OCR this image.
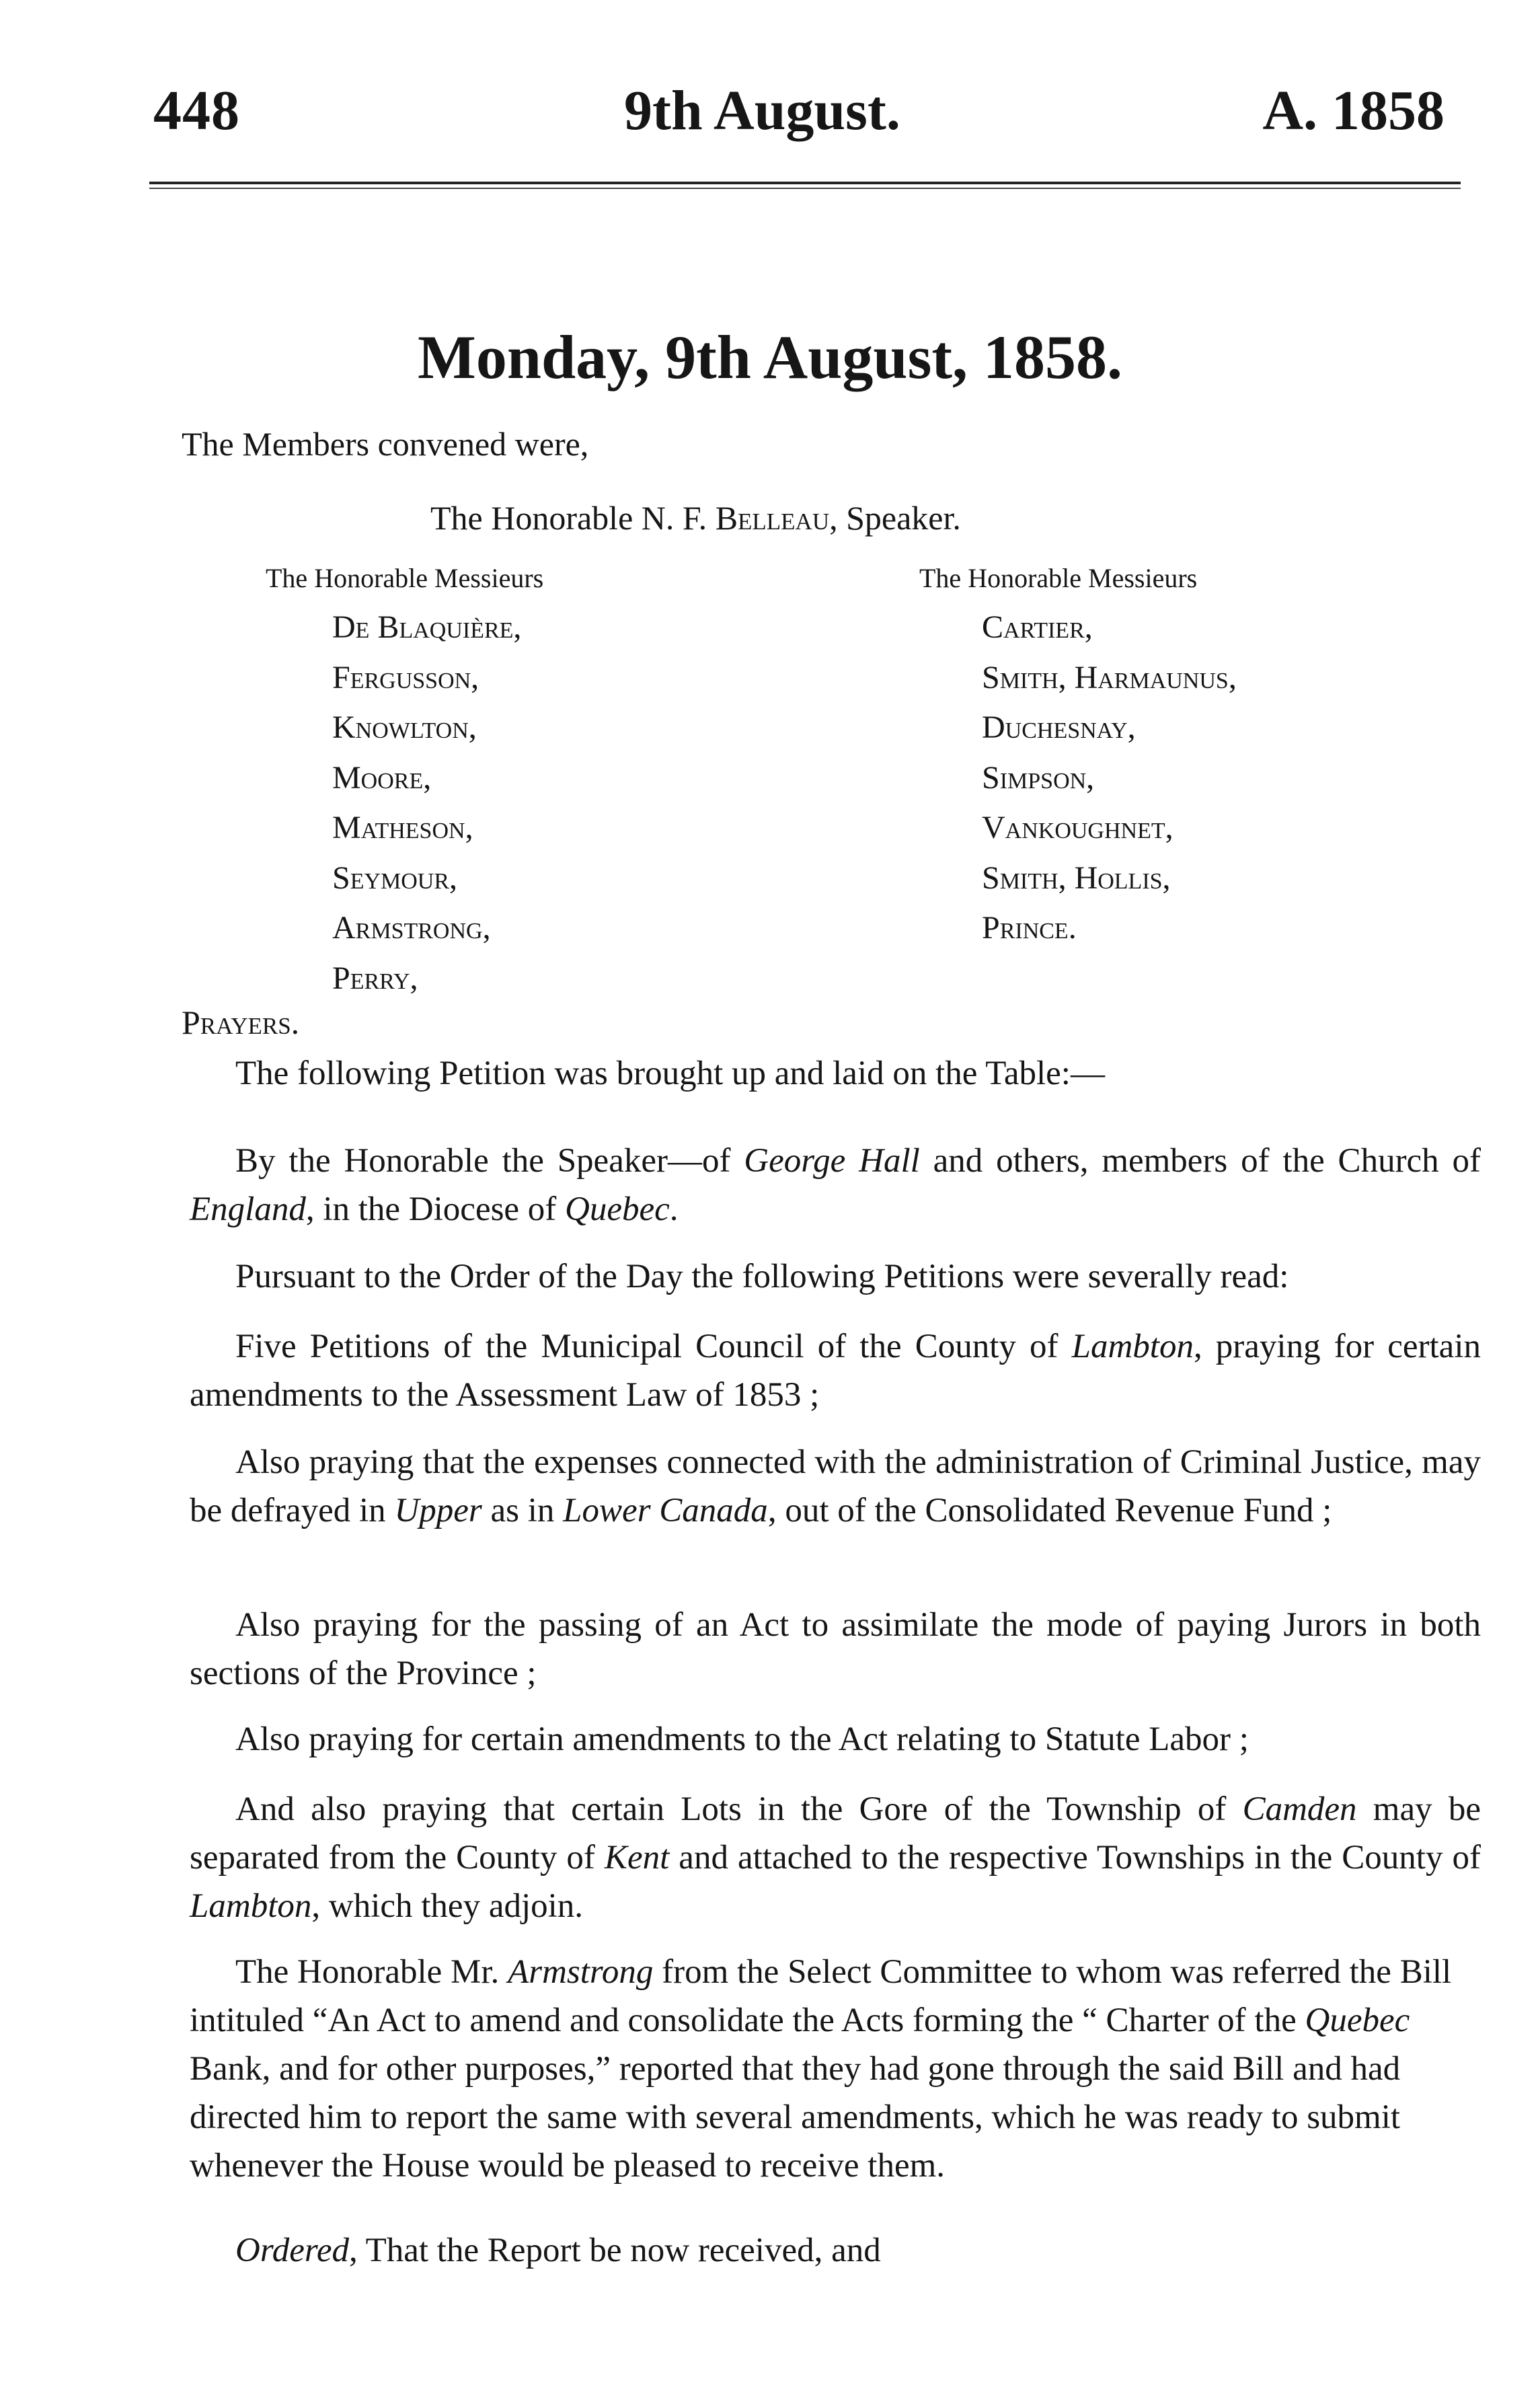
448	9th August.	A. 1858
Monday, 9th August, 1858.
The Members convened were,
The Honorable N. F. Belleau, Speaker.
The Honorable Messieurs
De Blaquière,
Fergusson,
Knowlton,
Moore,
Matheson,
Seymour,
Armstrong,
Perry,
The Honorable Messieurs
Cartier,
Smith, Harmaunus,
Duchesnay,
Simpson,
Vankoughnet,
Smith, Hollis,
Prince.
Prayers.

The following Petition was brought up and laid on the Table:—

By the Honorable the Speaker—of George Hall and others, members of the Church of England, in the Diocese of Quebec.

Pursuant to the Order of the Day the following Petitions were severally read:

Five Petitions of the Municipal Council of the County of Lambton, praying for certain amendments to the Assessment Law of 1853 ;

Also praying that the expenses connected with the administration of Criminal Justice, may be defrayed in Upper as in Lower Canada, out of the Consolidated Revenue Fund ;

Also praying for the passing of an Act to assimilate the mode of paying Jurors in both sections of the Province ;

Also praying for certain amendments to the Act relating to Statute Labor ;

And also praying that certain Lots in the Gore of the Township of Camden may be separated from the County of Kent and attached to the respective Townships in the County of Lambton, which they adjoin.

The Honorable Mr. Armstrong from the Select Committee to whom was referred the Bill intituled “An Act to amend and consolidate the Acts forming the “ Charter of the Quebec Bank, and for other purposes,” reported that they had gone through the said Bill and had directed him to report the same with several amendments, which he was ready to submit whenever the House would be pleased to receive them.

Ordered, That the Report be now received, and
